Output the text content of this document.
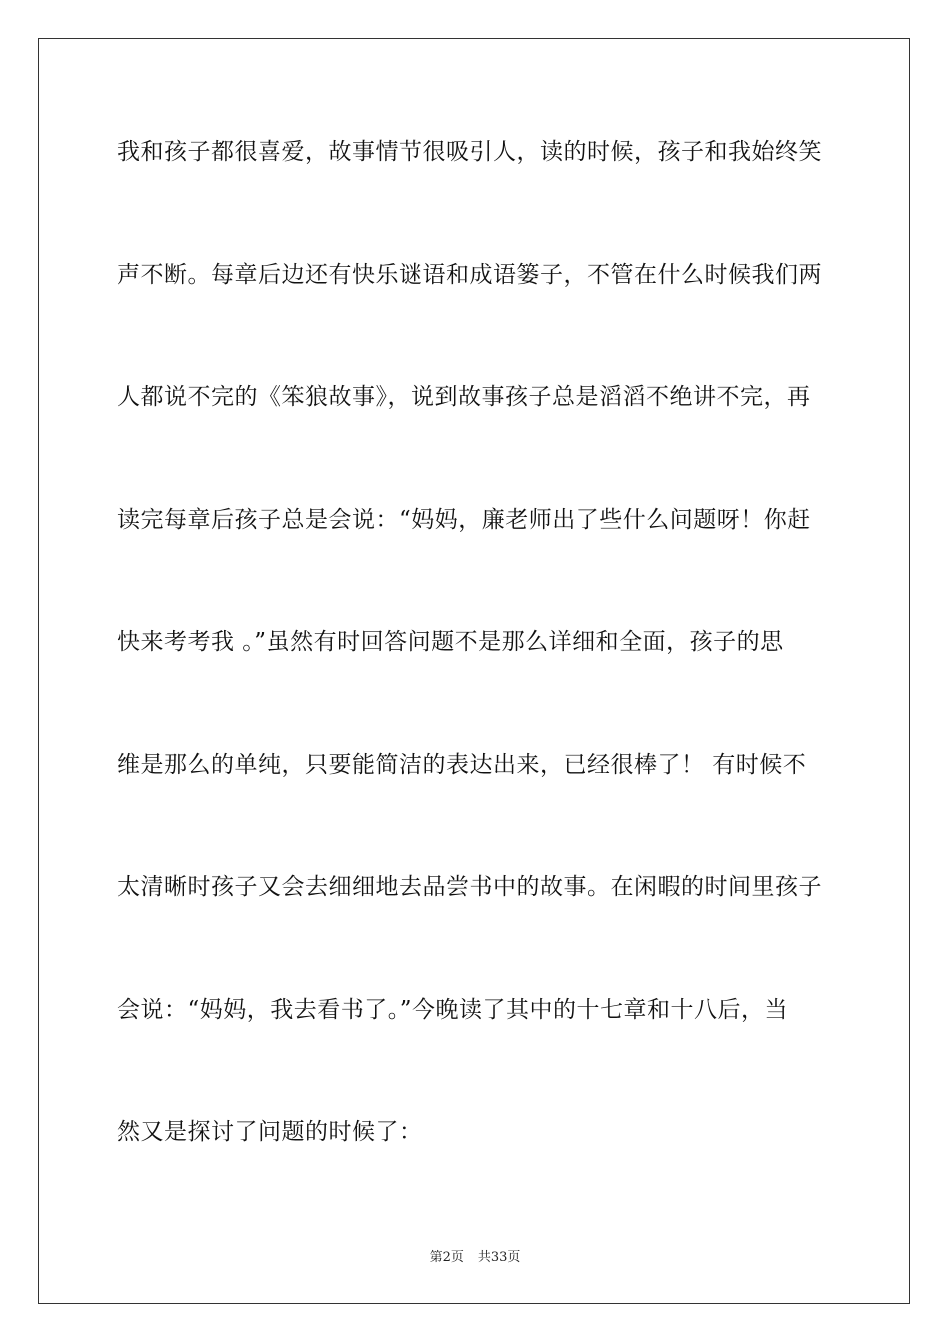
我和孩子都很喜爱，故事情节很吸引人，读的时候，孩子和我始终笑
声不断。每章后边还有快乐谜语和成语篓子，不管在什么时候我们两
人都说不完的《笨狼故事》，说到故事孩子总是滔滔不绝讲不完，再
读完每章后孩子总是会说：“妈妈，廉老师出了些什么问题呀！你赶
快来考考我 。”虽然有时回答问题不是那么详细和全面，孩子的思
维是那么的单纯，只要能简洁的表达出来，已经很棒了！ 有时候不
太清晰时孩子又会去细细地去品尝书中的故事。在闲暇的时间里孩子
会说：“妈妈，我去看书了。”今晚读了其中的十七章和十八后，当
然又是探讨了问题的时候了：
第2页 共33页
